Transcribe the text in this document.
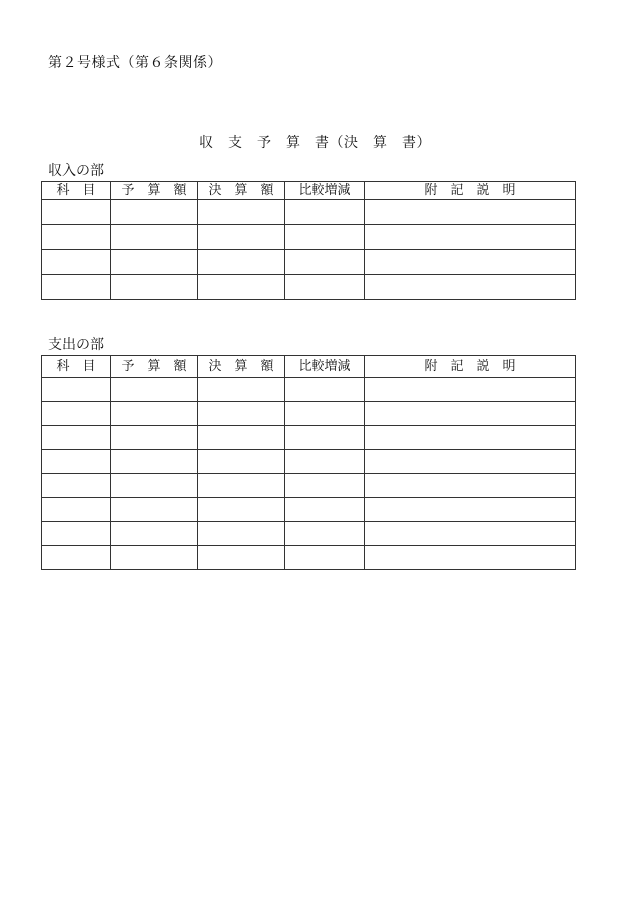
第２号様式（第６条関係）
収　支　予　算　書（決　算　書）
収入の部
科　目	予　算　額	決　算　額	比較増減	附　記　説　明

支出の部
科　目	予　算　額	決　算　額	比較増減	附　記　説　明
